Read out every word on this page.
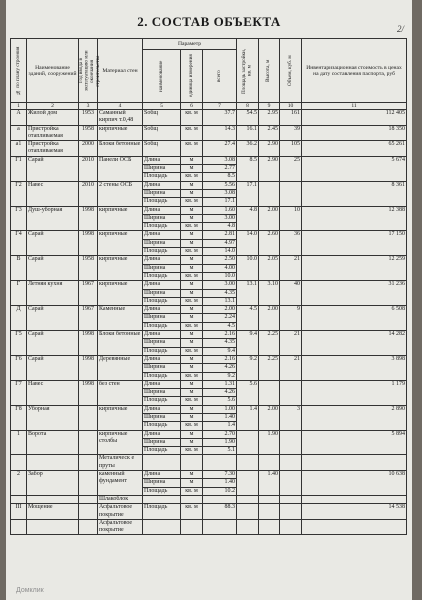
2/
2. СОСТАВ ОБЪЕКТА
№ по плану строения	Наименование зданий, сооружений	Год ввода в эксплуатацию или окончания строительства	Материал стен	Параметр			Площадь застройки, кв. м	Высота, м	Объем, куб. м	Инвентаризационная стоимость в ценах на дату составления паспорта, руб

				наименование	единица измерения	всего				

1	2	3	4	5	6	7	8	9	10	11
А	Жилой дом	1953	Саманный кирпич т.0,48	Sобщ	кв. м	37.7	54.5	2.95	161	112 405
а	Пристройка отапливаемая	1958	кирпичные	Sобщ	кв. м	14.3	16.1	2.45	39	18 350
а1	Пристройка отапливаемая	2000	Блоки бетонные	Sобщ	кв. м	27.4	36.2	2.90	105	65 261
Г1	Сарай	2010	Панели ОСБ	Длина	м	3.08	8.5	2.90	25	5 674
				Ширина	м	2.77				
				Площадь	кв. м	8.5				
Г2	Навес	2010	2 стены ОСБ	Длина	м	5.56	17.1			8 361
				Ширина	м	3.08				
				Площадь	кв. м	17.1				
Г3	Душ-уборная	1998	кирпичные	Длина	м	1.60	4.8	2.00	10	12 388
				Ширина	м	3.00				
				Площадь	кв. м	4.8				
Г4	Сарай	1998	кирпичные	Длина	м	2.81	14.0	2.60	36	17 150
				Ширина	м	4.97				
				Площадь	кв. м	14.0				
В	Сарай	1958	кирпичные	Длина	м	2.50	10.0	2.05	21	12 259
				Ширина	м	4.00				
				Площадь	кв. м	10.0				
Г	Летняя кухня	1967	кирпичные	Длина	м	3.00	13.1	3.10	40	31 236
				Ширина	м	4.35				
				Площадь	кв. м	13.1				
Д	Сарай	1967	Каменные	Длина	м	2.00	4.5	2.00	9	6 508
				Ширина	м	2.24				
				Площадь	кв. м	4.5				
Г5	Сарай	1998	Блоки бетонные	Длина	м	2.16	9.4	2.25	21	14 282
				Ширина	м	4.35				
				Площадь	кв. м	9.4				
Г6	Сарай	1998	Деревянные	Длина	м	2.16	9.2	2.25	21	3 898
				Ширина	м	4.26				
				Площадь	кв. м	9.2				
Г7	Навес	1998	без стен	Длина	м	1.31	5.6			1 179
				Ширина	м	4.26				
				Площадь	кв. м	5.6				
Г8	Уборная		кирпичные	Длина	м	1.00	1.4	2.00	3	2 890
				Ширина	м	1.40				
				Площадь	кв. м	1.4				
1	Ворота		кирпичные столбы	Длина	м	2.70		1.90		5 894
				Ширина	м	1.90				
				Площадь	кв. м	5.1				
			Металическ е пруты							
2	Забор		каменный фундамент	Длина	м	7.30		1.40		10 638
				Ширина	м	1.40				
				Площадь	кв. м	10.2				
			Шлакоблок							
III	Мощение		Асфальтовое покрытие	Площадь	кв. м	88.3				14 538
			Асфальтовое покрытие							
Домклик
